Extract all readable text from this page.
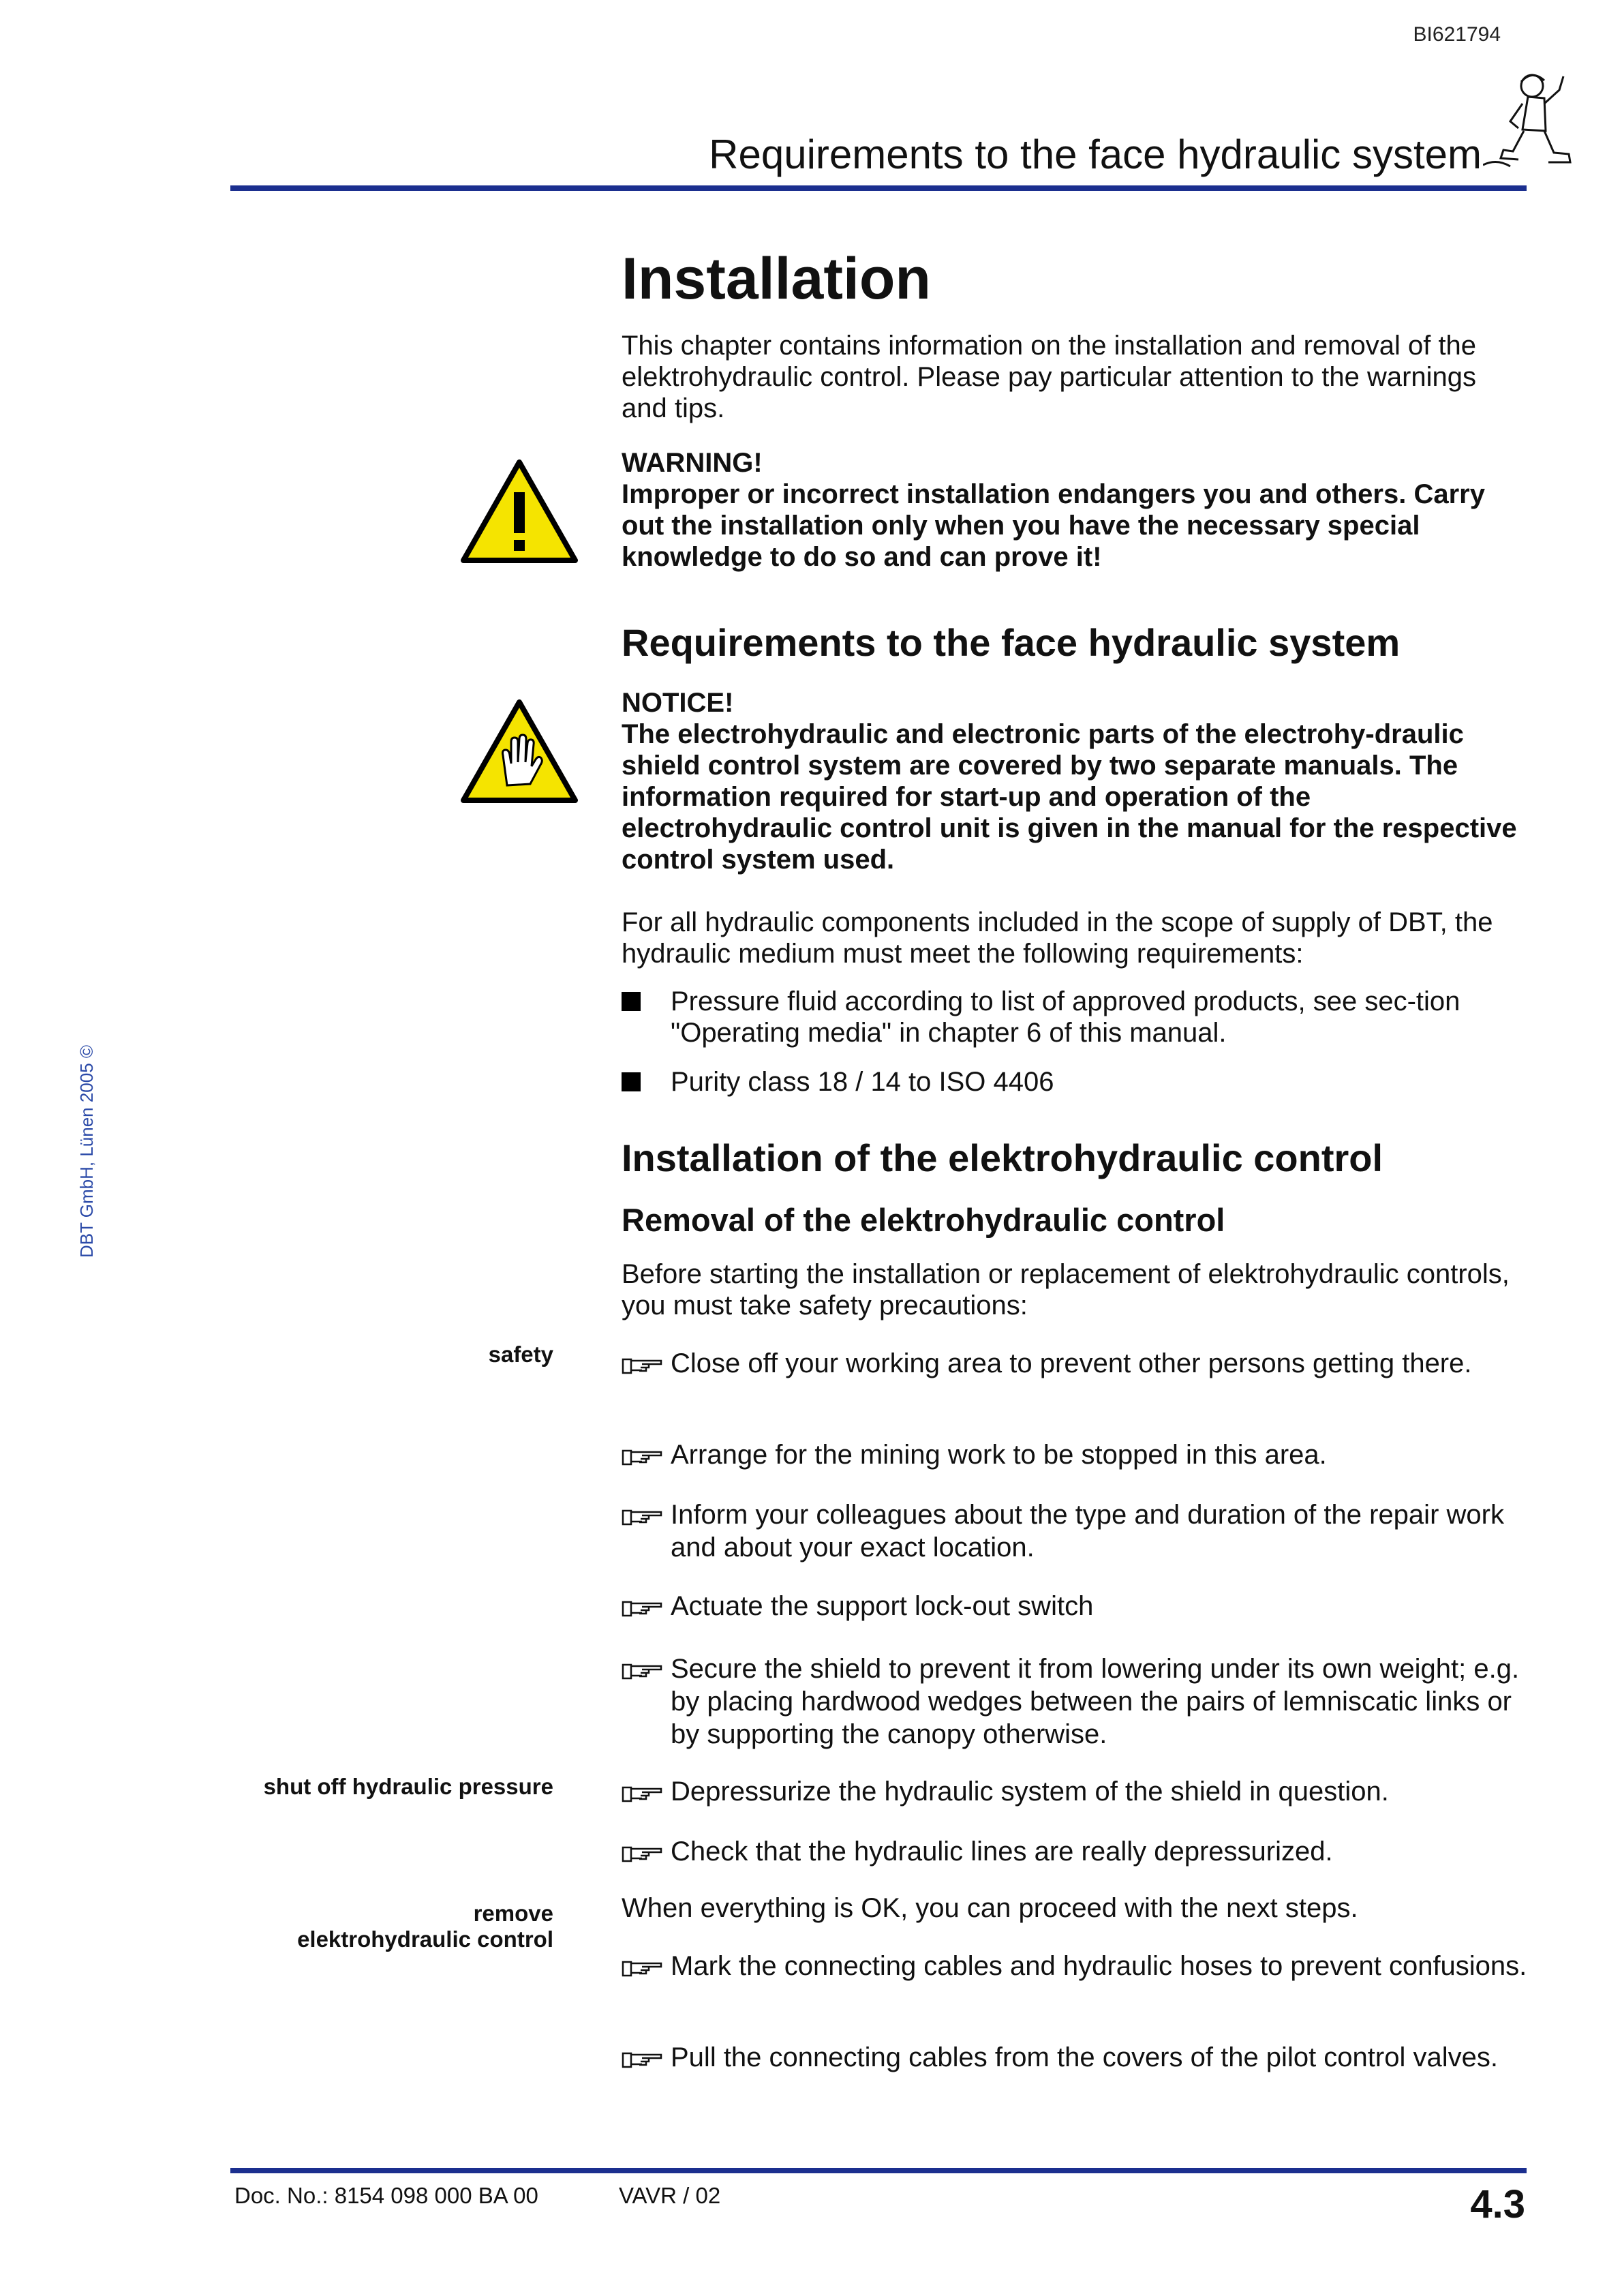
BI621794
Requirements to the face hydraulic system
DBT GmbH, Lünen 2005 ©
Installation

This chapter contains information on the installation and removal of the elektrohydraulic control. Please pay particular attention to the warnings and tips.

WARNING!

Improper or incorrect installation endangers you and others. Carry out the installation only when you have the necessary special knowledge to do so and can prove it!

Requirements to the face hydraulic system

NOTICE!

The electrohydraulic and electronic parts of the electrohy-draulic shield control system are covered by two separate manuals. The information required for start-up and operation of the electrohydraulic control unit is given in the manual for the respective control system used.

For all hydraulic components included in the scope of supply of DBT, the hydraulic medium must meet the following requirements:

Pressure fluid according to list of approved products, see sec-tion "Operating media" in chapter 6 of this manual.
Purity class 18 / 14 to ISO 4406
Installation of the elektrohydraulic control
Removal of the elektrohydraulic control

Before starting the installation or replacement of elektrohydraulic controls, you must take safety precautions:

safety
shut off hydraulic pressure
remove
elektrohydraulic control
Close off your working area to prevent other persons getting there.
Arrange for the mining work to be stopped in this area.
Inform your colleagues about the type and duration of the repair work and about your exact location.
Actuate the support lock-out switch
Secure the shield to prevent it from lowering under its own weight; e.g. by placing hardwood wedges between the pairs of lemniscatic links or by supporting the canopy otherwise.
Depressurize the hydraulic system of the shield in question.
Check that the hydraulic lines are really depressurized.

When everything is OK, you can proceed with the next steps.

Mark the connecting cables and hydraulic hoses to prevent confusions.
Pull the connecting cables from the covers of the pilot control valves.
Doc. No.: 8154 098 000 BA 00	VAVR / 02	4.3
